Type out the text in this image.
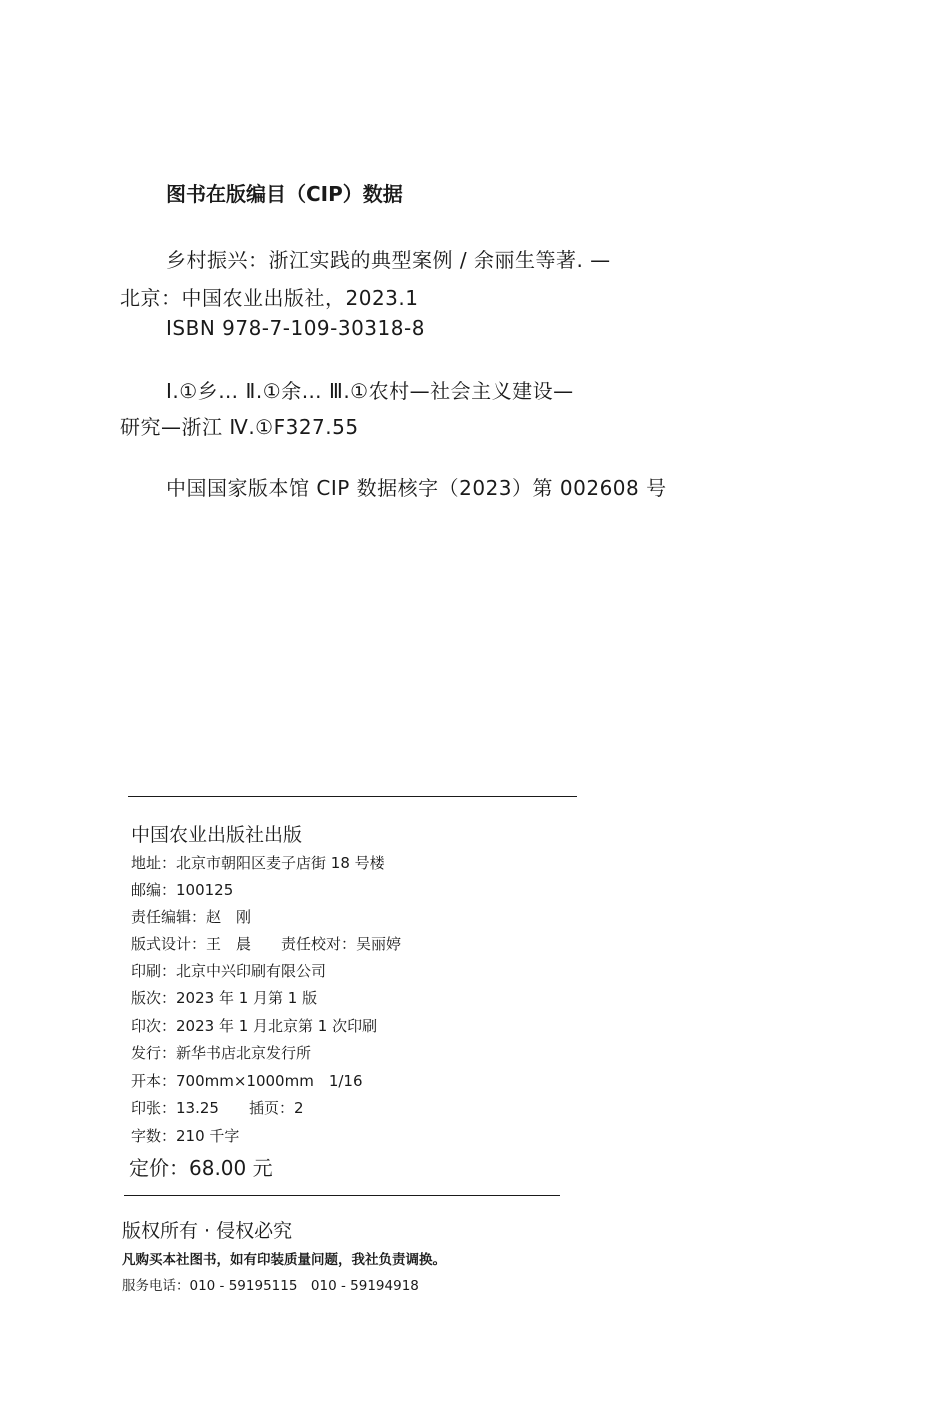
图书在版编目（CIP）数据
乡村振兴：浙江实践的典型案例 / 余丽生等著. —
北京：中国农业出版社，2023.1
ISBN 978-7-109-30318-8
Ⅰ.①乡… Ⅱ.①余… Ⅲ.①农村—社会主义建设—
研究—浙江 Ⅳ.①F327.55
中国国家版本馆 CIP 数据核字（2023）第 002608 号
中国农业出版社出版
地址：北京市朝阳区麦子店街 18 号楼
邮编：100125
责任编辑：赵　刚
版式设计：王　晨　　责任校对：吴丽婷
印刷：北京中兴印刷有限公司
版次：2023 年 1 月第 1 版
印次：2023 年 1 月北京第 1 次印刷
发行：新华书店北京发行所
开本：700mm×1000mm　1/16
印张：13.25　　插页：2
字数：210 千字
定价：68.00 元
版权所有 · 侵权必究
凡购买本社图书，如有印装质量问题，我社负责调换。
服务电话：010 - 59195115　010 - 59194918
